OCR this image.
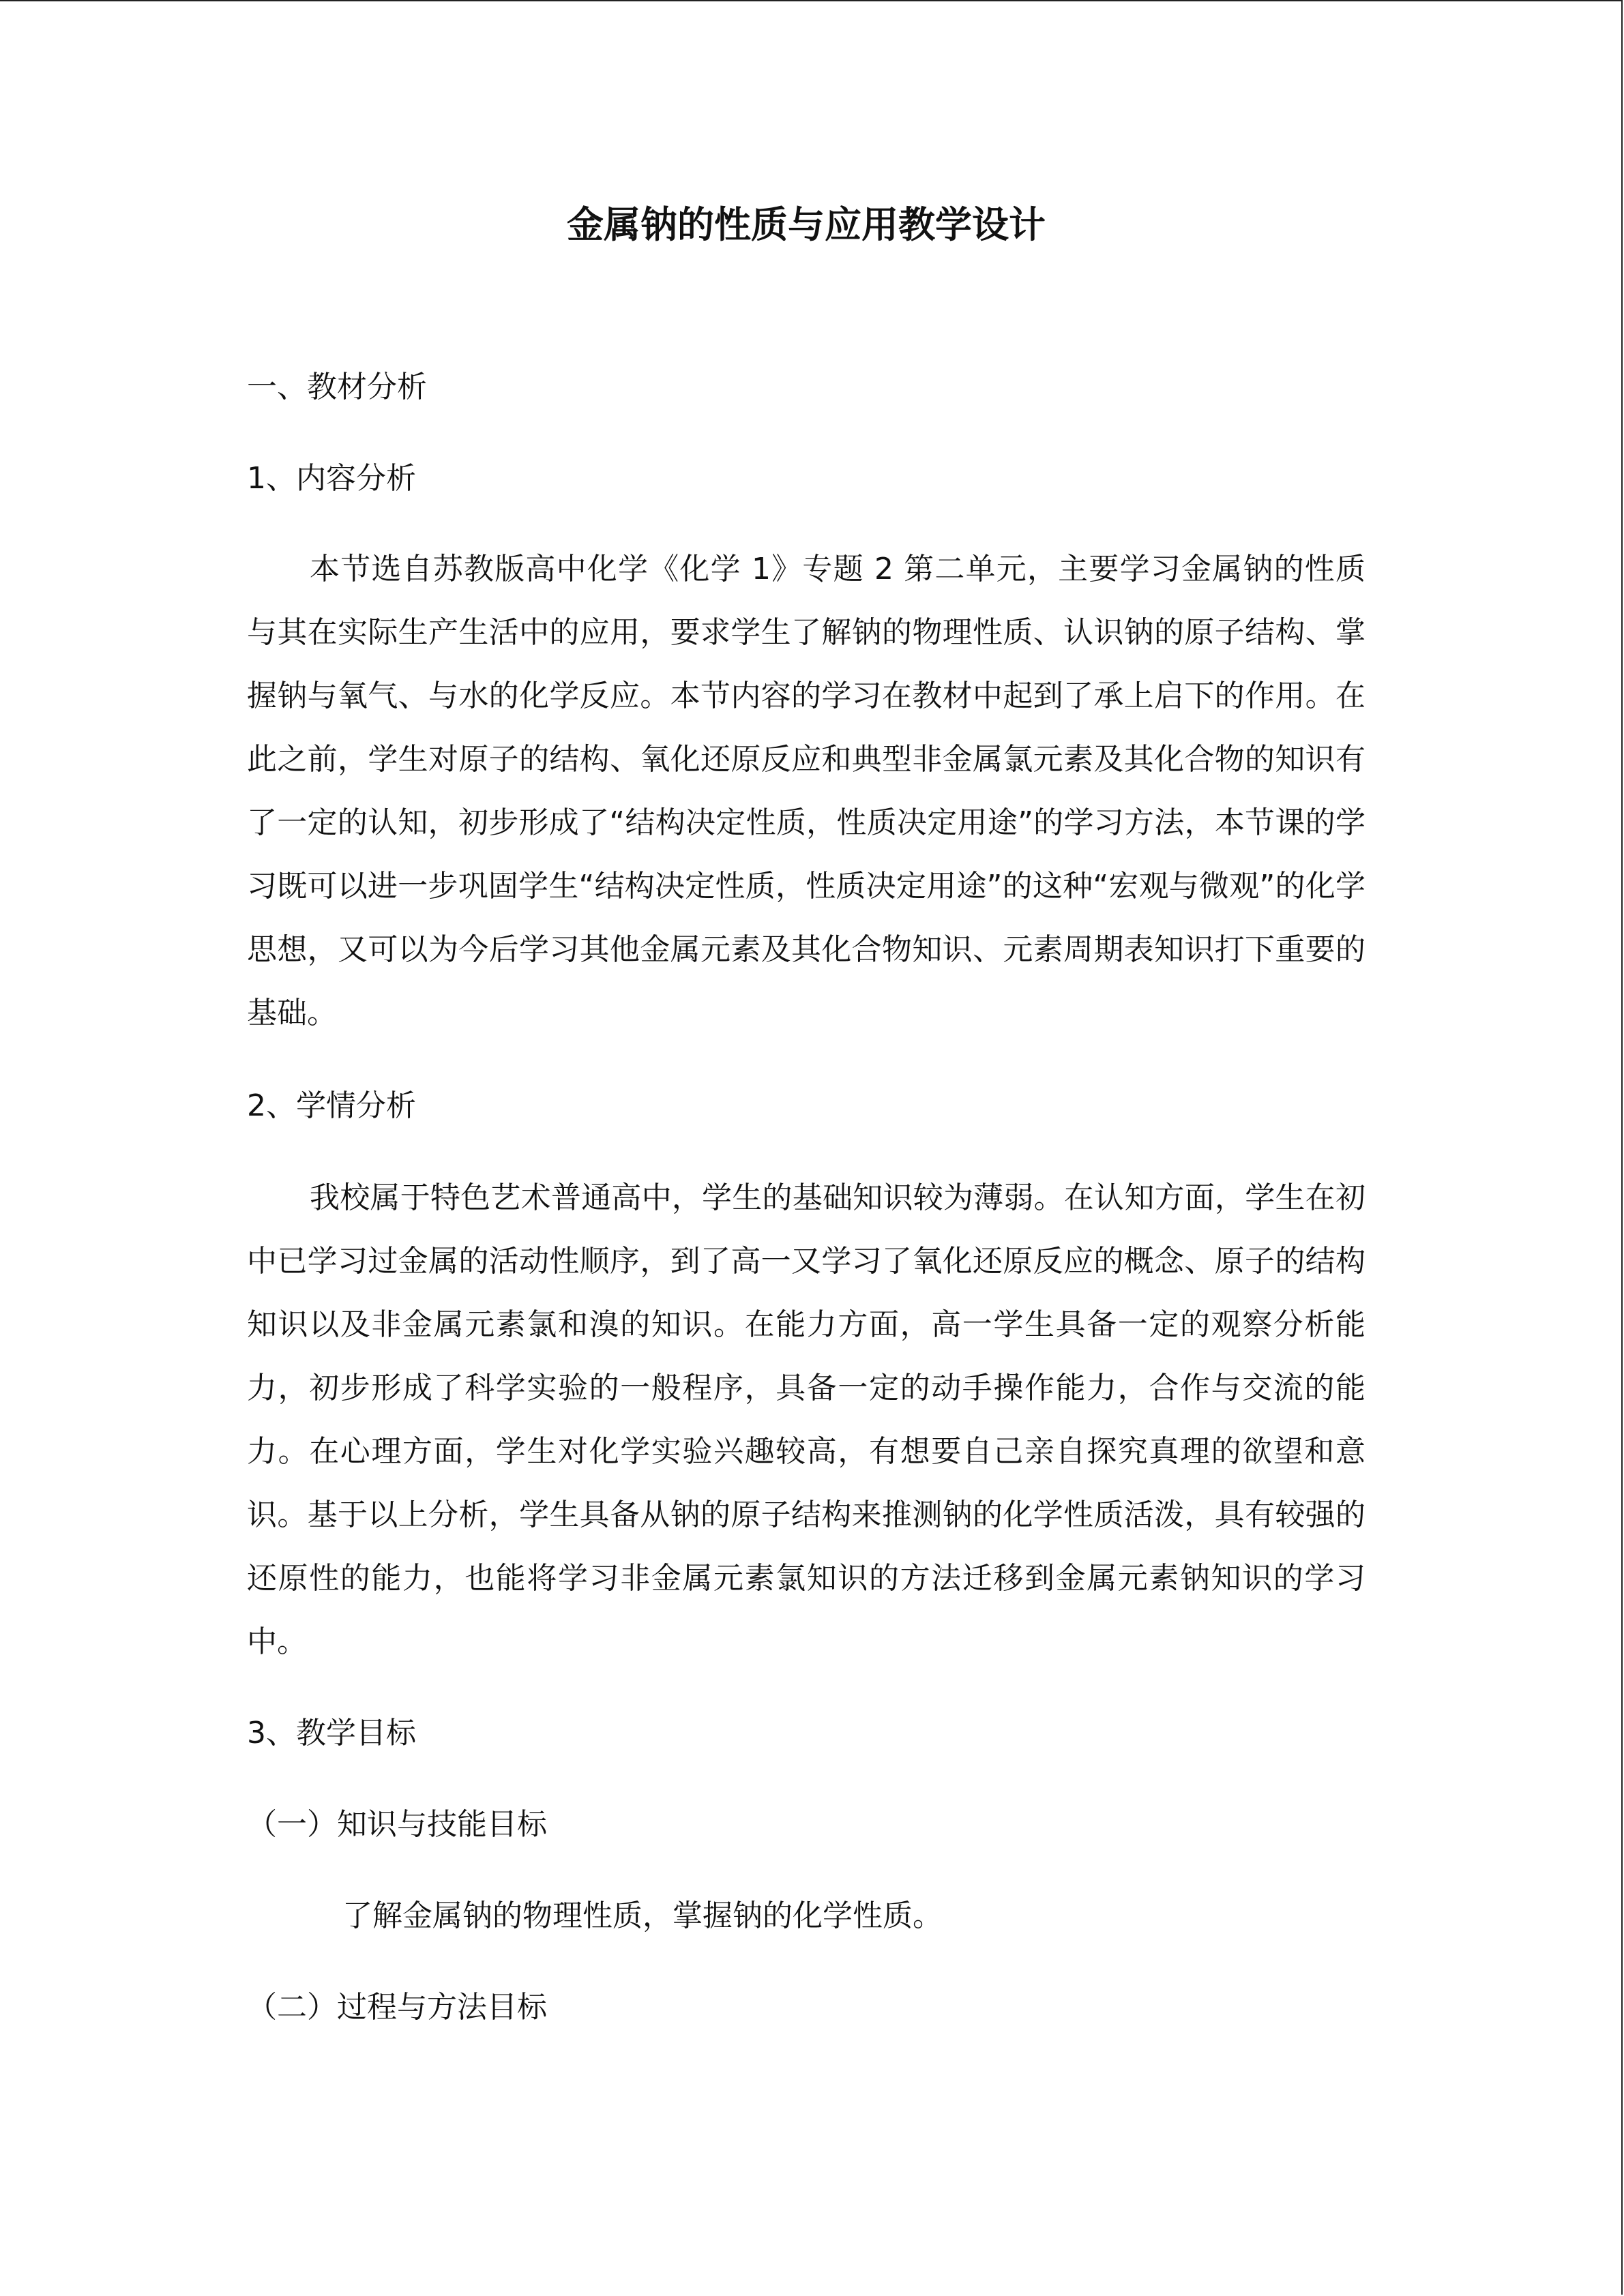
金属钠的性质与应用教学设计
一、教材分析
1、内容分析

本节选自苏教版高中化学《化学 1》专题 2 第二单元，主要学习金属钠的性质与其在实际生产生活中的应用，要求学生了解钠的物理性质、认识钠的原子结构、掌握钠与氧气、与水的化学反应。本节内容的学习在教材中起到了承上启下的作用。在此之前，学生对原子的结构、氧化还原反应和典型非金属氯元素及其化合物的知识有了一定的认知，初步形成了“结构决定性质，性质决定用途”的学习方法，本节课的学习既可以进一步巩固学生“结构决定性质，性质决定用途”的这种“宏观与微观”的化学思想，又可以为今后学习其他金属元素及其化合物知识、元素周期表知识打下重要的基础。

2、学情分析

我校属于特色艺术普通高中，学生的基础知识较为薄弱。在认知方面，学生在初中已学习过金属的活动性顺序，到了高一又学习了氧化还原反应的概念、原子的结构知识以及非金属元素氯和溴的知识。在能力方面，高一学生具备一定的观察分析能力，初步形成了科学实验的一般程序，具备一定的动手操作能力，合作与交流的能力。在心理方面，学生对化学实验兴趣较高，有想要自己亲自探究真理的欲望和意识。基于以上分析，学生具备从钠的原子结构来推测钠的化学性质活泼，具有较强的还原性的能力，也能将学习非金属元素氯知识的方法迁移到金属元素钠知识的学习中。

3、教学目标

（一）知识与技能目标

了解金属钠的物理性质，掌握钠的化学性质。

（二）过程与方法目标
